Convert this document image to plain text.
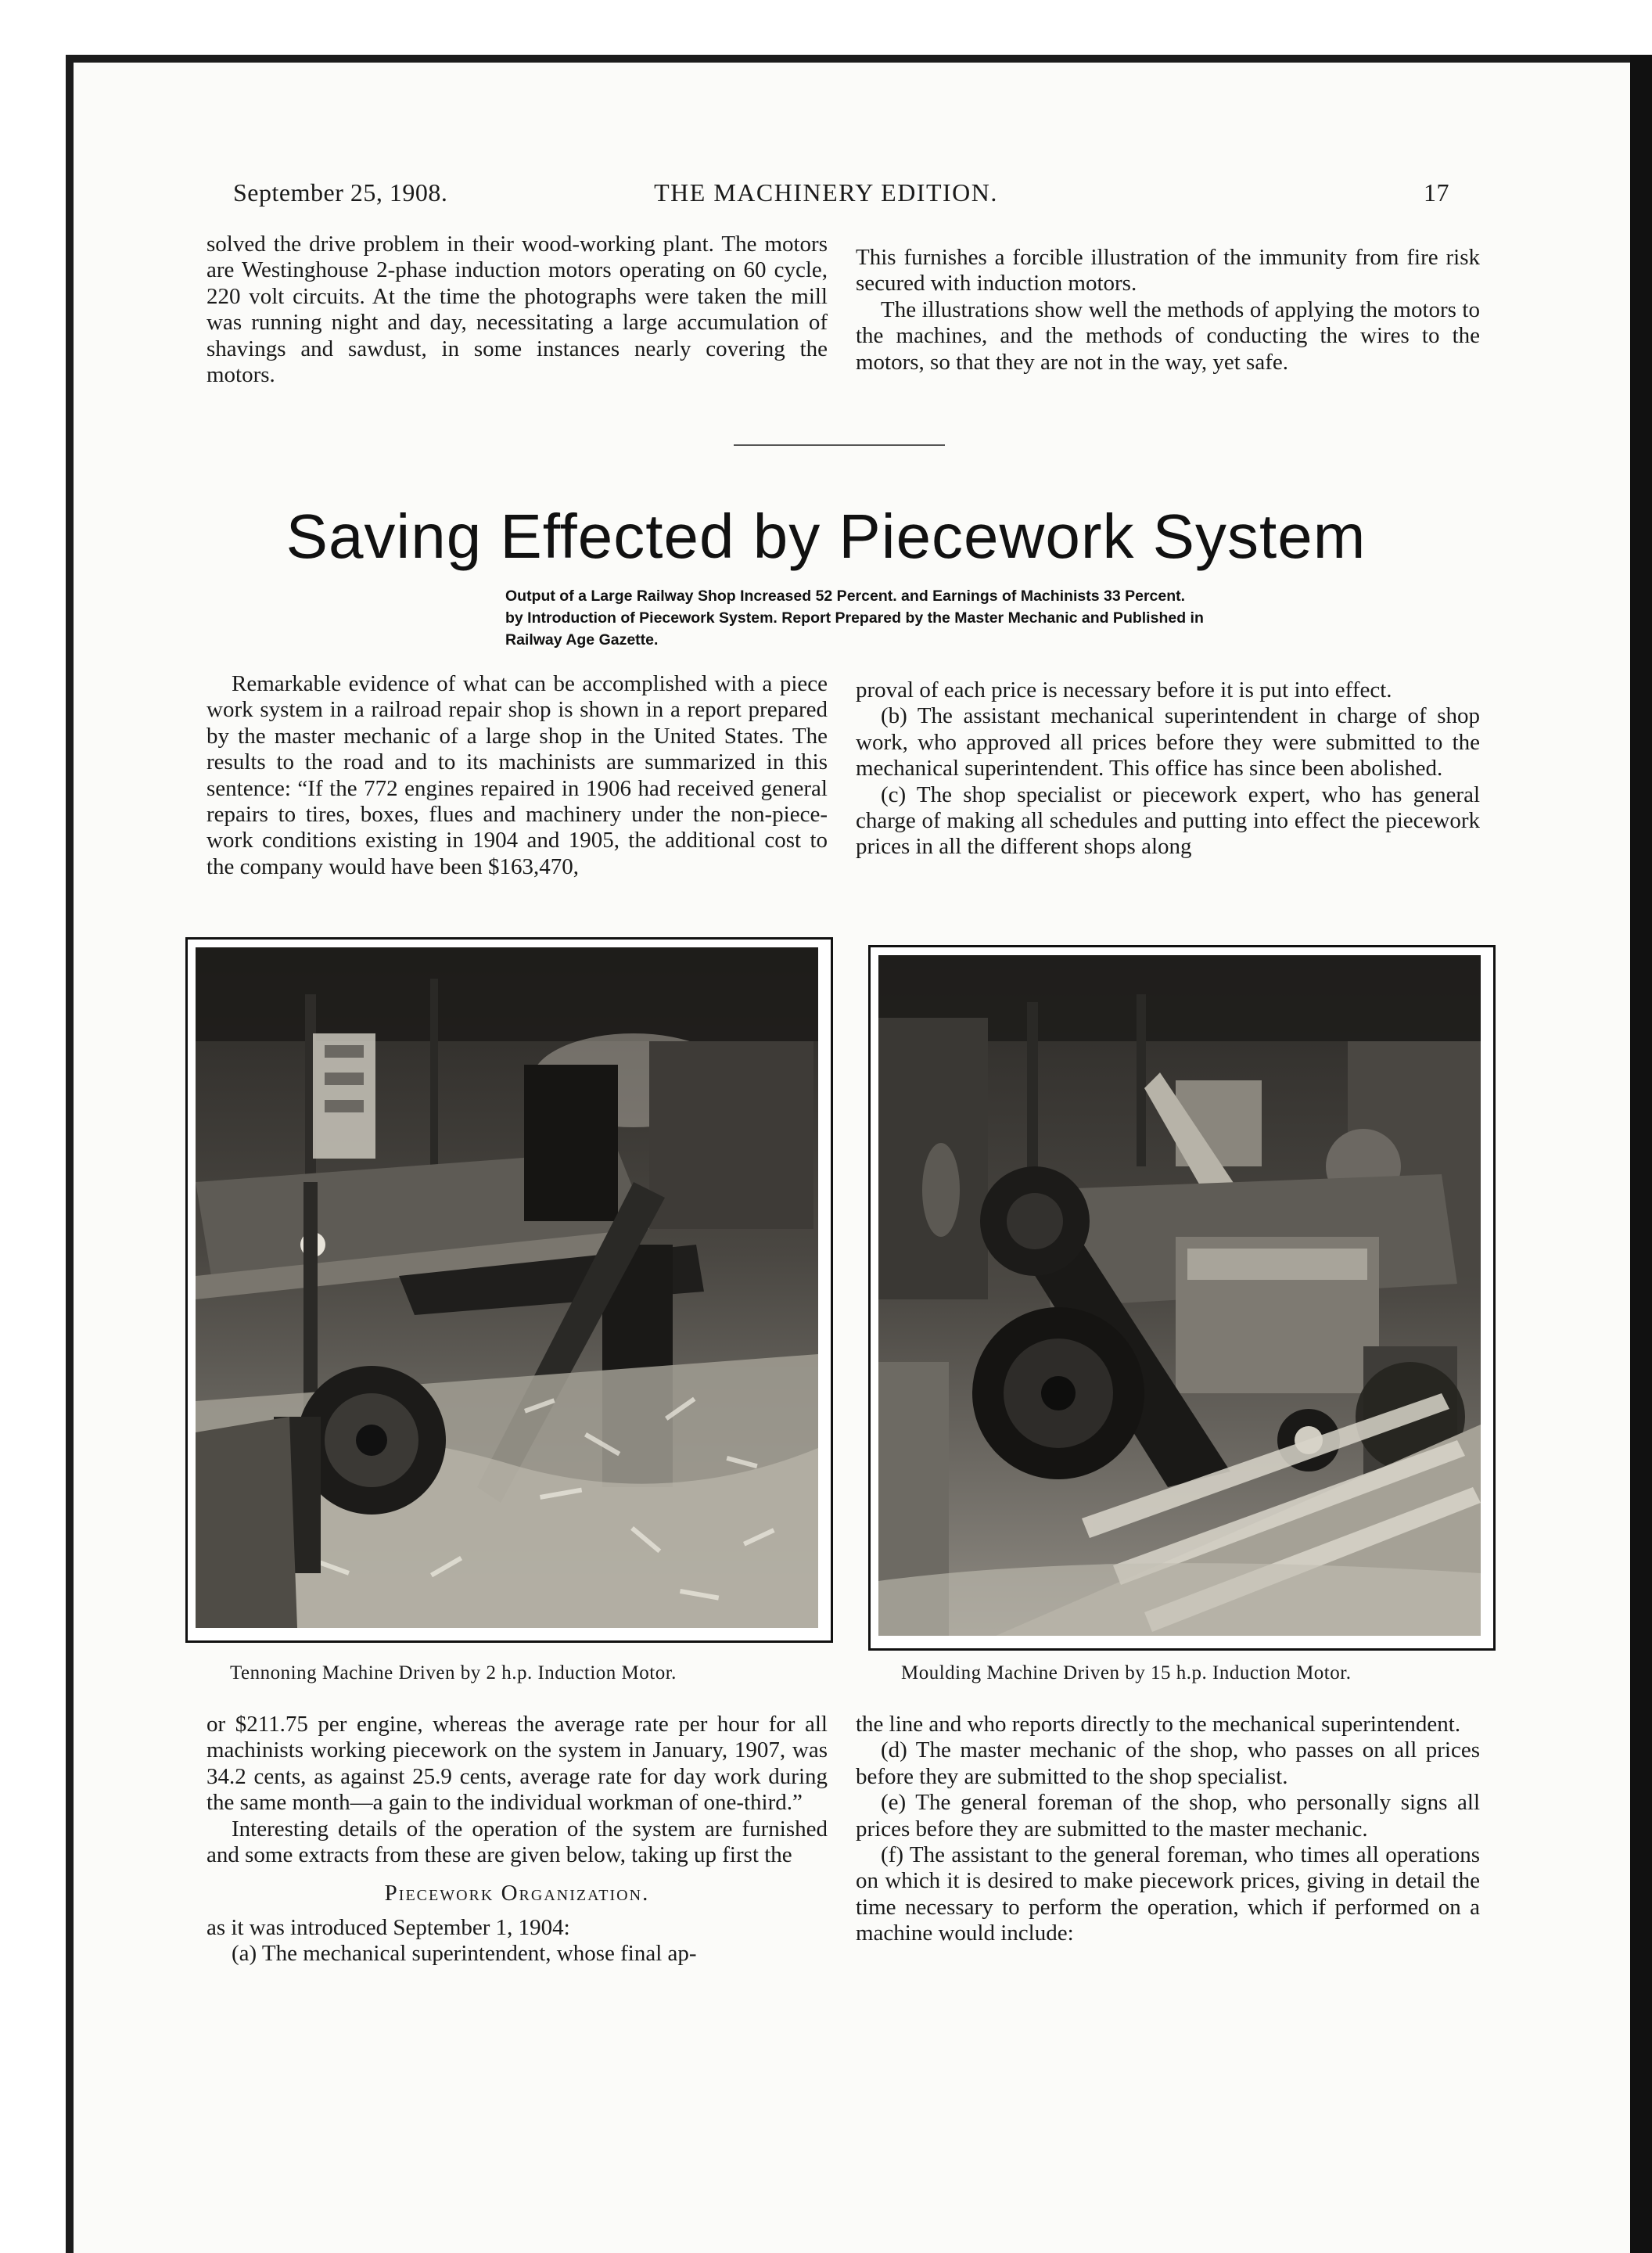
September 25, 1908.	THE MACHINERY EDITION.	17

solved the drive problem in their wood-working plant. The motors are Westinghouse 2-phase induction motors operating on 60 cycle, 220 volt circuits. At the time the photographs were taken the mill was running night and day, necessitating a large accumulation of shavings and sawdust, in some instances nearly covering the motors.

This furnishes a forcible illustration of the immunity from fire risk secured with induction motors.

The illustrations show well the methods of applying the motors to the machines, and the methods of conducting the wires to the motors, so that they are not in the way, yet safe.

Saving Effected by Piecework System
Output of a Large Railway Shop Increased 52 Percent. and Earnings of Machinists 33 Percent. by Introduction of Piecework System. Report Prepared by the Master Mechanic and Published in Railway Age Gazette.

Remarkable evidence of what can be accomplished with a piece work system in a railroad repair shop is shown in a report prepared by the master mechanic of a large shop in the United States. The results to the road and to its machinists are summarized in this sentence: “If the 772 engines repaired in 1906 had received general repairs to tires, boxes, flues and machinery under the non-piece-work conditions existing in 1904 and 1905, the additional cost to the company would have been $163,470,

proval of each price is necessary before it is put into effect.

(b) The assistant mechanical superintendent in charge of shop work, who approved all prices before they were submitted to the mechanical superintendent. This office has since been abolished.

(c) The shop specialist or piecework expert, who has general charge of making all schedules and putting into effect the piecework prices in all the different shops along

Tennoning Machine Driven by 2 h.p. Induction Motor.	Moulding Machine Driven by 15 h.p. Induction Motor.

or $211.75 per engine, whereas the average rate per hour for all machinists working piecework on the system in January, 1907, was 34.2 cents, as against 25.9 cents, average rate for day work during the same month—a gain to the individual workman of one-third.”

Interesting details of the operation of the system are furnished and some extracts from these are given below, taking up first the

Piecework Organization.

as it was introduced September 1, 1904:

(a) The mechanical superintendent, whose final ap-

the line and who reports directly to the mechanical superintendent.

(d) The master mechanic of the shop, who passes on all prices before they are submitted to the shop specialist.

(e) The general foreman of the shop, who personally signs all prices before they are submitted to the master mechanic.

(f) The assistant to the general foreman, who times all operations on which it is desired to make piecework prices, giving in detail the time necessary to perform the operation, which if performed on a machine would include:
